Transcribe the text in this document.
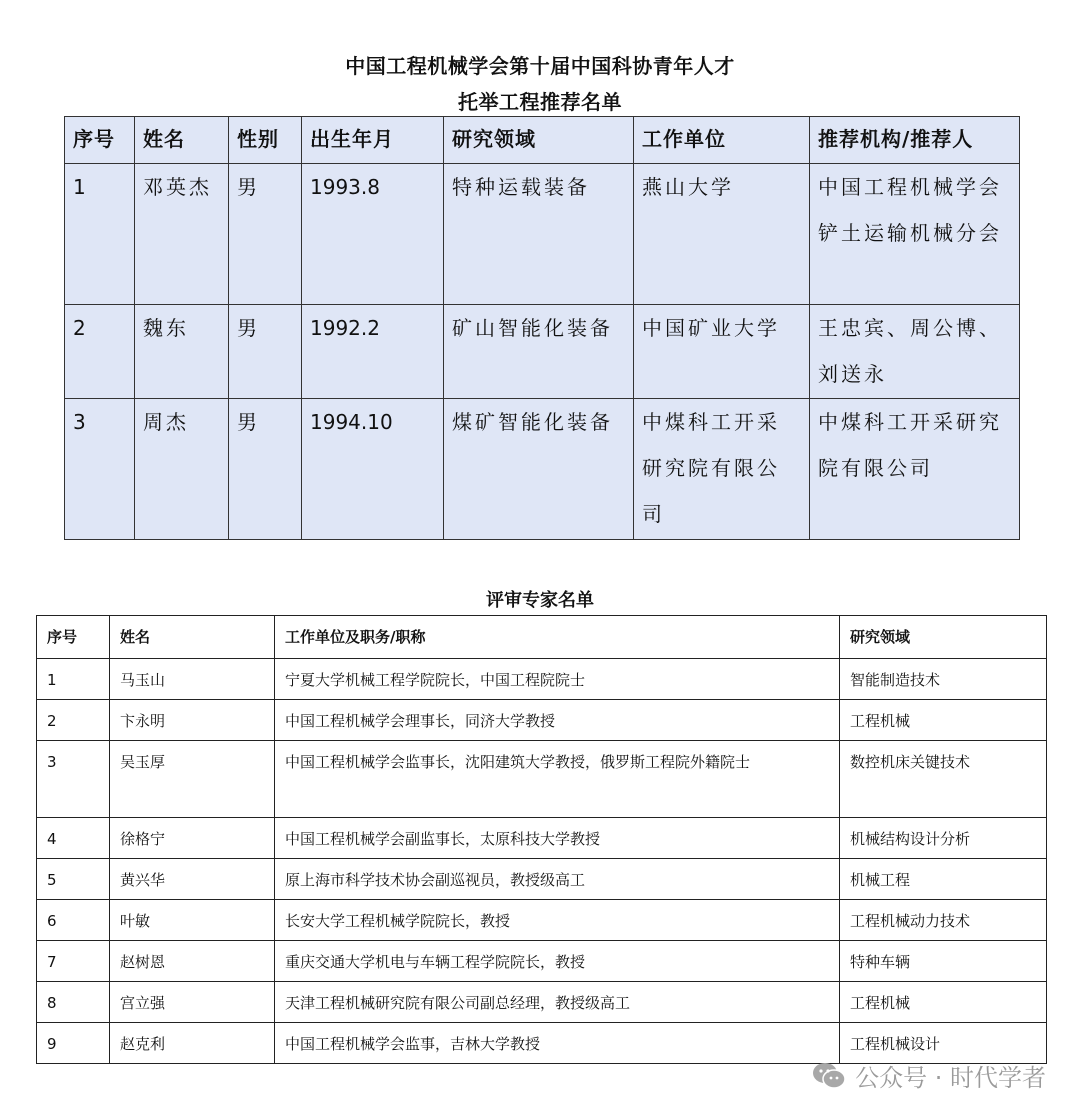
中国工程机械学会第十届中国科协青年人才
托举工程推荐名单
序号	姓名	性别	出生年月	研究领域	工作单位	推荐机构/推荐人
1	邓英杰	男	1993.8	特种运载装备	燕山大学	中国工程机械学会铲土运输机械分会
2	魏东	男	1992.2	矿山智能化装备	中国矿业大学	王忠宾、周公博、刘送永
3	周杰	男	1994.10	煤矿智能化装备	中煤科工开采研究院有限公司	中煤科工开采研究院有限公司
评审专家名单
序号	姓名	工作单位及职务/职称	研究领域
1	马玉山	宁夏大学机械工程学院院长，中国工程院院士	智能制造技术
2	卞永明	中国工程机械学会理事长，同济大学教授	工程机械
3	吴玉厚	中国工程机械学会监事长，沈阳建筑大学教授，俄罗斯工程院外籍院士	数控机床关键技术
4	徐格宁	中国工程机械学会副监事长，太原科技大学教授	机械结构设计分析
5	黄兴华	原上海市科学技术协会副巡视员，教授级高工	机械工程
6	叶敏	长安大学工程机械学院院长，教授	工程机械动力技术
7	赵树恩	重庆交通大学机电与车辆工程学院院长，教授	特种车辆
8	宫立强	天津工程机械研究院有限公司副总经理，教授级高工	工程机械
9	赵克利	中国工程机械学会监事，吉林大学教授	工程机械设计
公众号 · 时代学者
